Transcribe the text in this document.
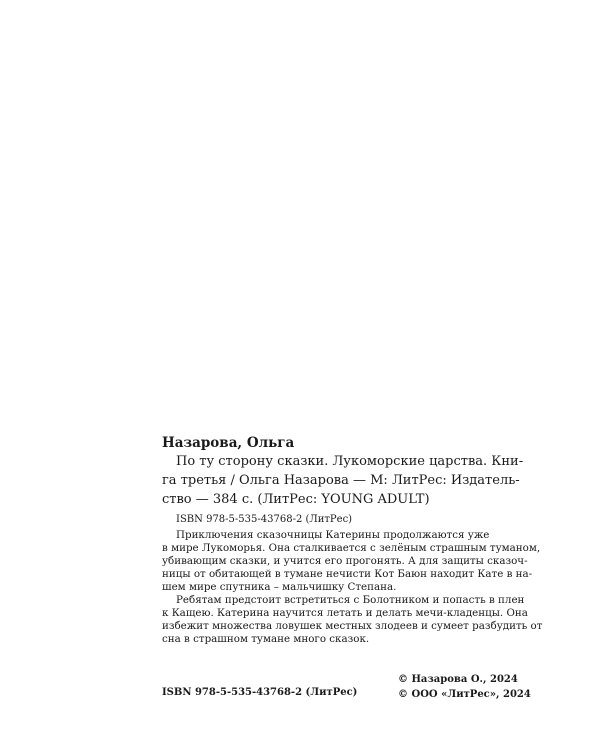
Назарова, Ольга

По ту сторону сказки. Лукоморские царства. Кни-
га третья / Ольга Назарова — М: ЛитРес: Издатель-
ство — 384 с. (ЛитРес: YOUNG ADULT)

ISBN 978-5-535-43768-2 (ЛитРес)

Приключения сказочницы Катерины продолжаются уже
в мире Лукоморья. Она сталкивается с зелёным страшным туманом,
убивающим сказки, и учится его прогонять. А для защиты сказоч-
ницы от обитающей в тумане нечисти Кот Баюн находит Кате в на-
шем мире спутника – мальчишку Степана.
Ребятам предстоит встретиться с Болотником и попасть в плен
к Кащею. Катерина научится летать и делать мечи-кладенцы. Она
избежит множества ловушек местных злодеев и сумеет разбудить от
сна в страшном тумане много сказок.

ISBN 978-5-535-43768-2 (ЛитРес)
© Назарова О., 2024
© ООО «ЛитРес», 2024
